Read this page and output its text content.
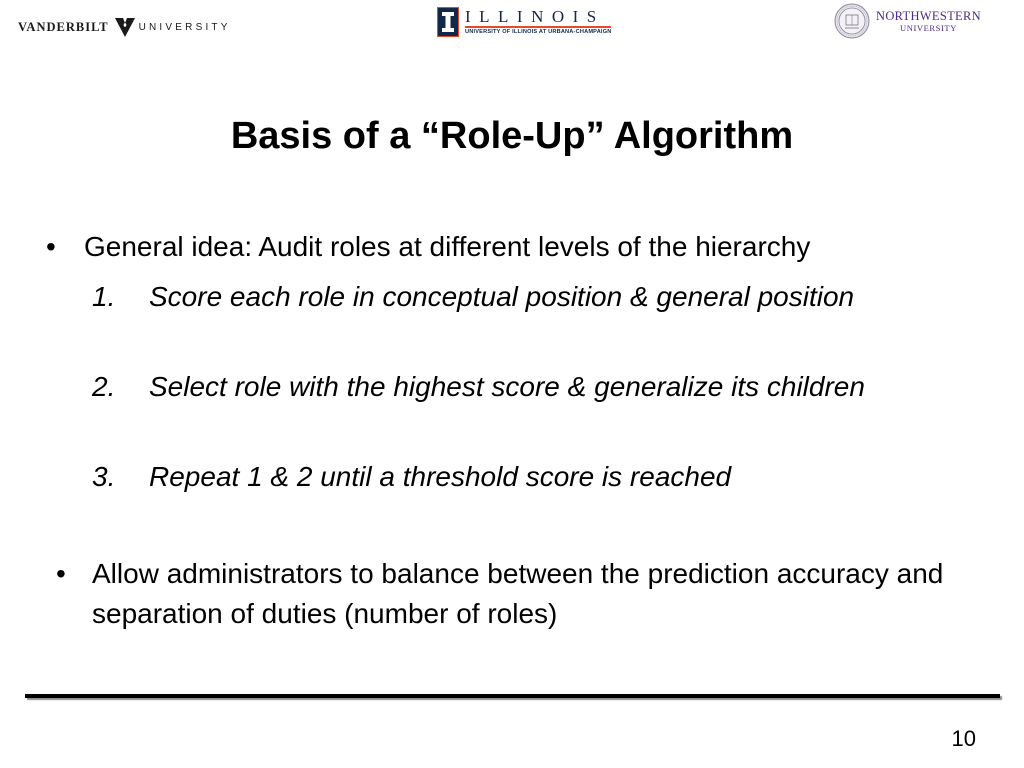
VANDERBILT	UNIVERSITY
ILLINOIS
UNIVERSITY OF ILLINOIS AT URBANA-CHAMPAIGN
NORTHWESTERN
UNIVERSITY
Basis of a “Role-Up” Algorithm
•	General idea: Audit roles at different levels of the hierarchy
1.	Score each role in conceptual position & general position
2.	Select role with the highest score & generalize its children
3.	Repeat 1 & 2 until a threshold score is reached
• Allow administrators to balance between the prediction accuracy and separation of duties (number of roles)
10
